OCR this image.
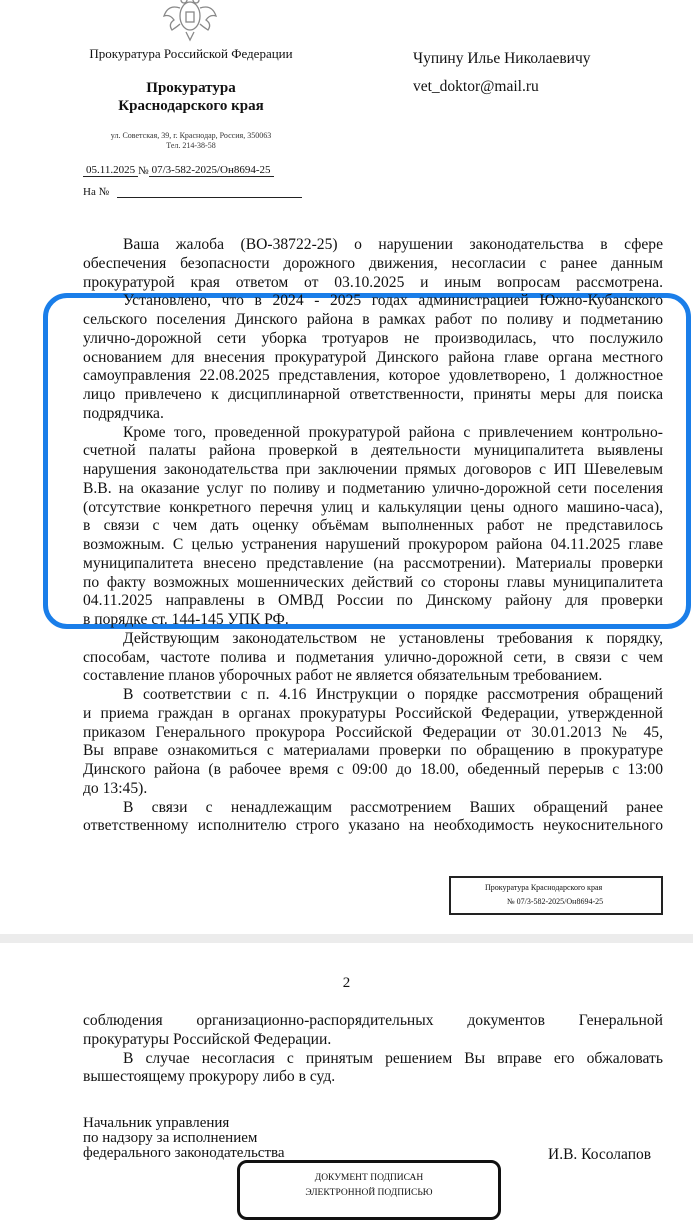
Прокуратура Российской Федерации
Прокуратура
Краснодарского края
ул. Советская, 39, г. Краснодар, Россия, 350063
Тел. 214-38-58
05.11.2025 № 07/3-582-2025/Он8694-25
На №
Чупину Илье Николаевичу
vet_doktor@mail.ru
Ваша жалоба (ВО-38722-25) о нарушении законодательства в сфере
обеспечения безопасности дорожного движения, несогласии с ранее данным
прокуратурой края ответом от 03.10.2025 и иным вопросам рассмотрена.
Установлено, что в 2024 - 2025 годах администрацией Южно-Кубанского
сельского поселения Динского района в рамках работ по поливу и подметанию
улично-дорожной сети уборка тротуаров не производилась, что послужило
основанием для внесения прокуратурой Динского района главе органа местного
самоуправления 22.08.2025 представления, которое удовлетворено, 1 должностное
лицо привлечено к дисциплинарной ответственности, приняты меры для поиска
подрядчика.
Кроме того, проведенной прокуратурой района с привлечением контрольно-
счетной палаты района проверкой в деятельности муниципалитета выявлены
нарушения законодательства при заключении прямых договоров с ИП Шевелевым
В.В. на оказание услуг по поливу и подметанию улично-дорожной сети поселения
(отсутствие конкретного перечня улиц и калькуляции цены одного машино-часа),
в связи с чем дать оценку объёмам выполненных работ не представилось
возможным. С целью устранения нарушений прокурором района 04.11.2025 главе
муниципалитета внесено представление (на рассмотрении). Материалы проверки
по факту возможных мошеннических действий со стороны главы муниципалитета
04.11.2025 направлены в ОМВД России по Динскому району для проверки
в порядке ст. 144-145 УПК РФ.
Действующим законодательством не установлены требования к порядку,
способам, частоте полива и подметания улично-дорожной сети, в связи с чем
составление планов уборочных работ не является обязательным требованием.
В соответствии с п. 4.16 Инструкции о порядке рассмотрения обращений
и приема граждан в органах прокуратуры Российской Федерации, утвержденной
приказом Генерального прокурора Российской Федерации от 30.01.2013 № 45,
Вы вправе ознакомиться с материалами проверки по обращению в прокуратуре
Динского района (в рабочее время с 09:00 до 18.00, обеденный перерыв с 13:00
до 13:45).
В связи с ненадлежащим рассмотрением Ваших обращений ранее
ответственному исполнителю строго указано на необходимость неукоснительного
Прокуратура Краснодарского края
№ 07/3-582-2025/Он8694-25
2
соблюдения организационно-распорядительных документов Генеральной
прокуратуры Российской Федерации.
В случае несогласия с принятым решением Вы вправе его обжаловать
вышестоящему прокурору либо в суд.
Начальник управления
по надзору за исполнением
федерального законодательства	И.В. Косолапов
ДОКУМЕНТ ПОДПИСАН
ЭЛЕКТРОННОЙ ПОДПИСЬЮ
